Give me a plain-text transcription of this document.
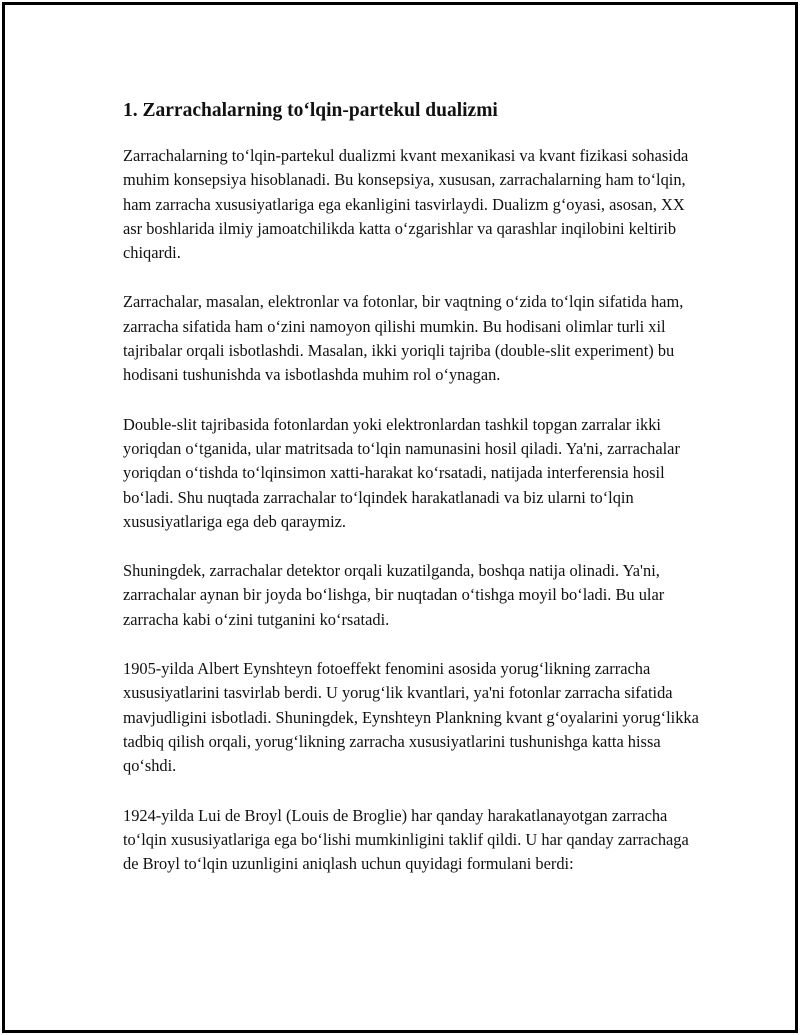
1. Zarrachalarning toʻlqin-partekul dualizmi

Zarrachalarning toʻlqin-partekul dualizmi kvant mexanikasi va kvant fizikasi sohasida muhim konsepsiya hisoblanadi. Bu konsepsiya, xususan, zarrachalarning ham toʻlqin, ham zarracha xususiyatlariga ega ekanligini tasvirlaydi. Dualizm gʻoyasi, asosan, XX asr boshlarida ilmiy jamoatchilikda katta oʻzgarishlar va qarashlar inqilobini keltirib chiqardi.

Zarrachalar, masalan, elektronlar va fotonlar, bir vaqtning oʻzida toʻlqin sifatida ham, zarracha sifatida ham oʻzini namoyon qilishi mumkin. Bu hodisani olimlar turli xil tajribalar orqali isbotlashdi. Masalan, ikki yoriqli tajriba (double-slit experiment) bu hodisani tushunishda va isbotlashda muhim rol oʻynagan.

Double-slit tajribasida fotonlardan yoki elektronlardan tashkil topgan zarralar ikki yoriqdan oʻtganida, ular matritsada toʻlqin namunasini hosil qiladi. Ya'ni, zarrachalar yoriqdan oʻtishda toʻlqinsimon xatti-harakat koʻrsatadi, natijada interferensia hosil boʻladi. Shu nuqtada zarrachalar toʻlqindek harakatlanadi va biz ularni toʻlqin xususiyatlariga ega deb qaraymiz.

Shuningdek, zarrachalar detektor orqali kuzatilganda, boshqa natija olinadi. Ya'ni, zarrachalar aynan bir joyda boʻlishga, bir nuqtadan oʻtishga moyil boʻladi. Bu ular zarracha kabi oʻzini tutganini koʻrsatadi.

1905-yilda Albert Eynshteyn fotoeffekt fenomini asosida yorugʻlikning zarracha xususiyatlarini tasvirlab berdi. U yorugʻlik kvantlari, ya'ni fotonlar zarracha sifatida mavjudligini isbotladi. Shuningdek, Eynshteyn Plankning kvant gʻoyalarini yorugʻlikka tadbiq qilish orqali, yorugʻlikning zarracha xususiyatlarini tushunishga katta hissa qoʻshdi.

1924-yilda Lui de Broyl (Louis de Broglie) har qanday harakatlanayotgan zarracha toʻlqin xususiyatlariga ega boʻlishi mumkinligini taklif qildi. U har qanday zarrachaga de Broyl toʻlqin uzunligini aniqlash uchun quyidagi formulani berdi:
